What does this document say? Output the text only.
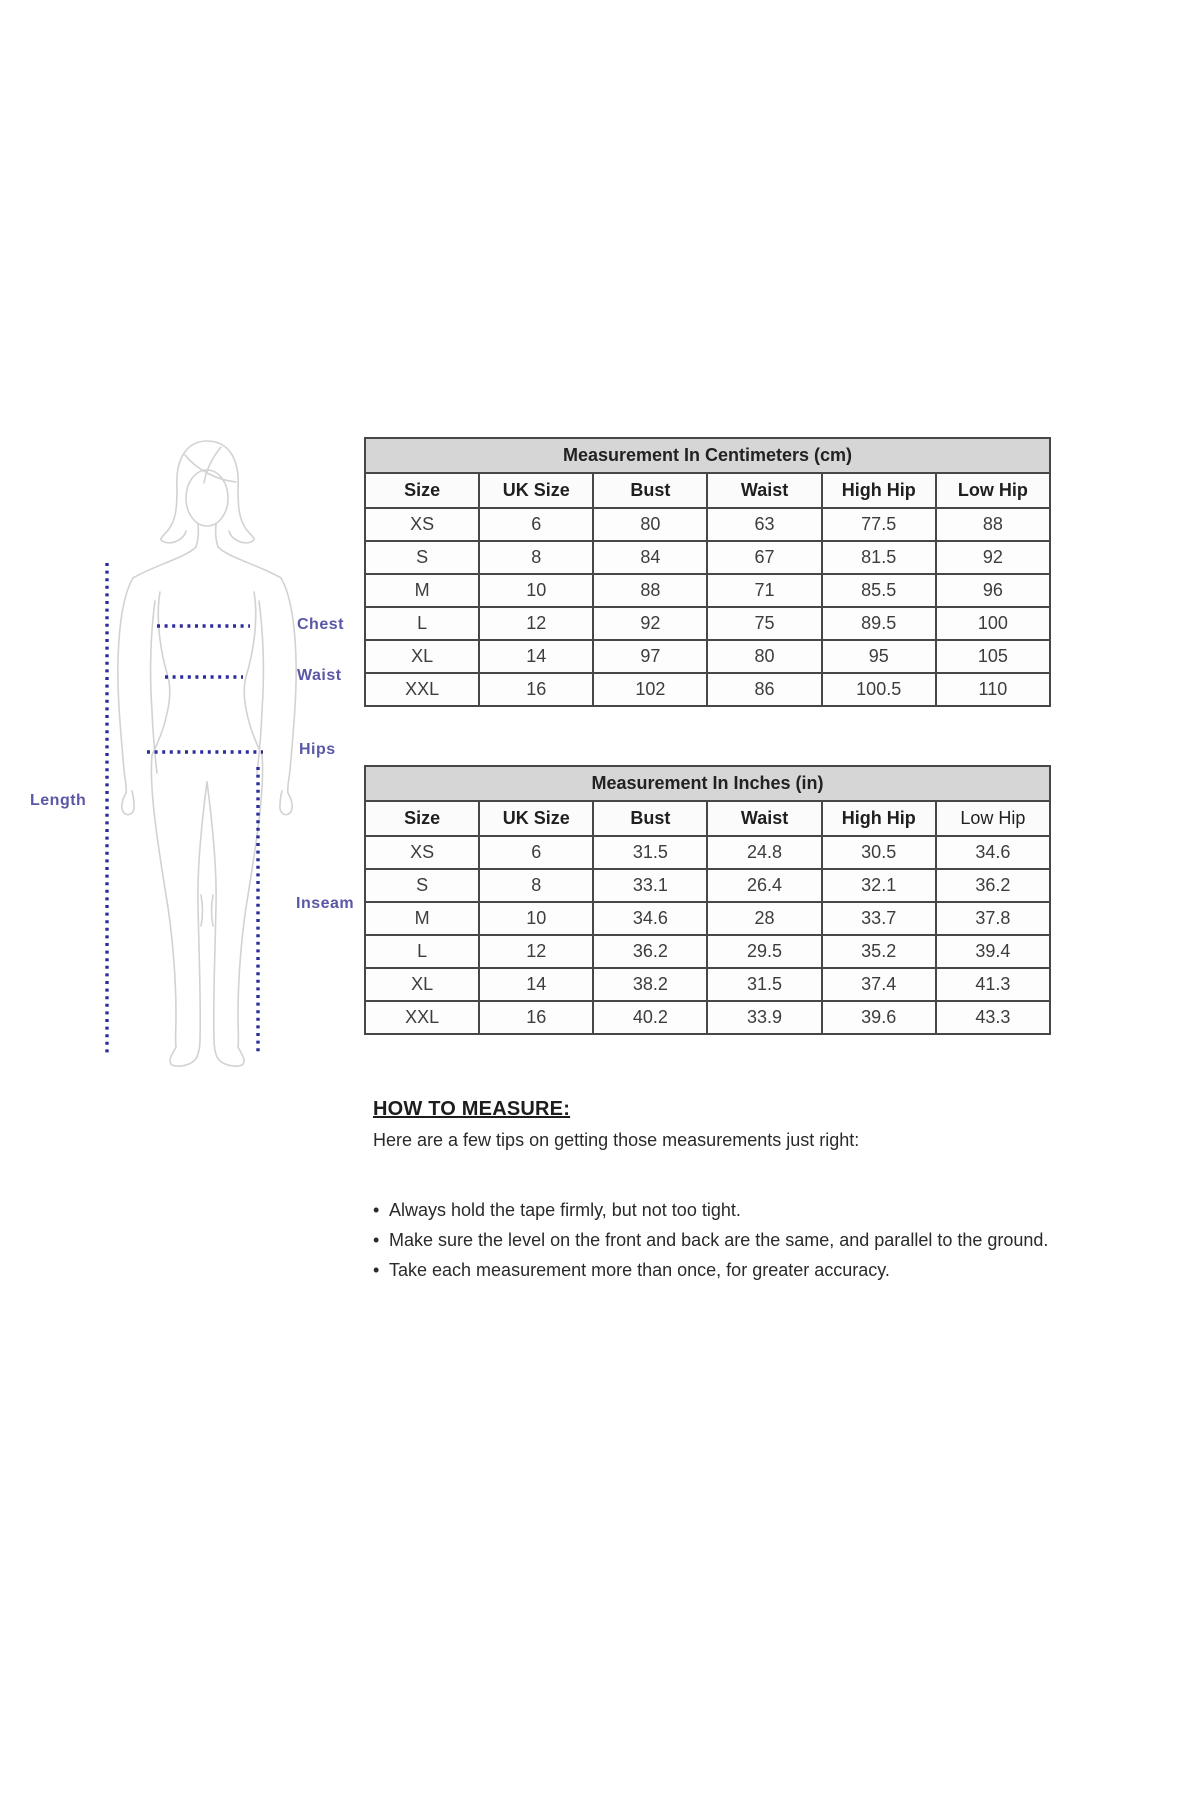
Chest
Waist
Hips
Length
Inseam
Measurement In Centimeters (cm)					
Size	UK Size	Bust	Waist	High Hip	Low Hip
XS	6	80	63	77.5	88
S	8	84	67	81.5	92
M	10	88	71	85.5	96
L	12	92	75	89.5	100
XL	14	97	80	95	105
XXL	16	102	86	100.5	110
Measurement In Inches (in)					
Size	UK Size	Bust	Waist	High Hip	Low Hip
XS	6	31.5	24.8	30.5	34.6
S	8	33.1	26.4	32.1	36.2
M	10	34.6	28	33.7	37.8
L	12	36.2	29.5	35.2	39.4
XL	14	38.2	31.5	37.4	41.3
XXL	16	40.2	33.9	39.6	43.3
HOW TO MEASURE:
Here are a few tips on getting those measurements just right:
• Always hold the tape firmly, but not too tight.
• Make sure the level on the front and back are the same, and parallel to the ground.
• Take each measurement more than once, for greater accuracy.
